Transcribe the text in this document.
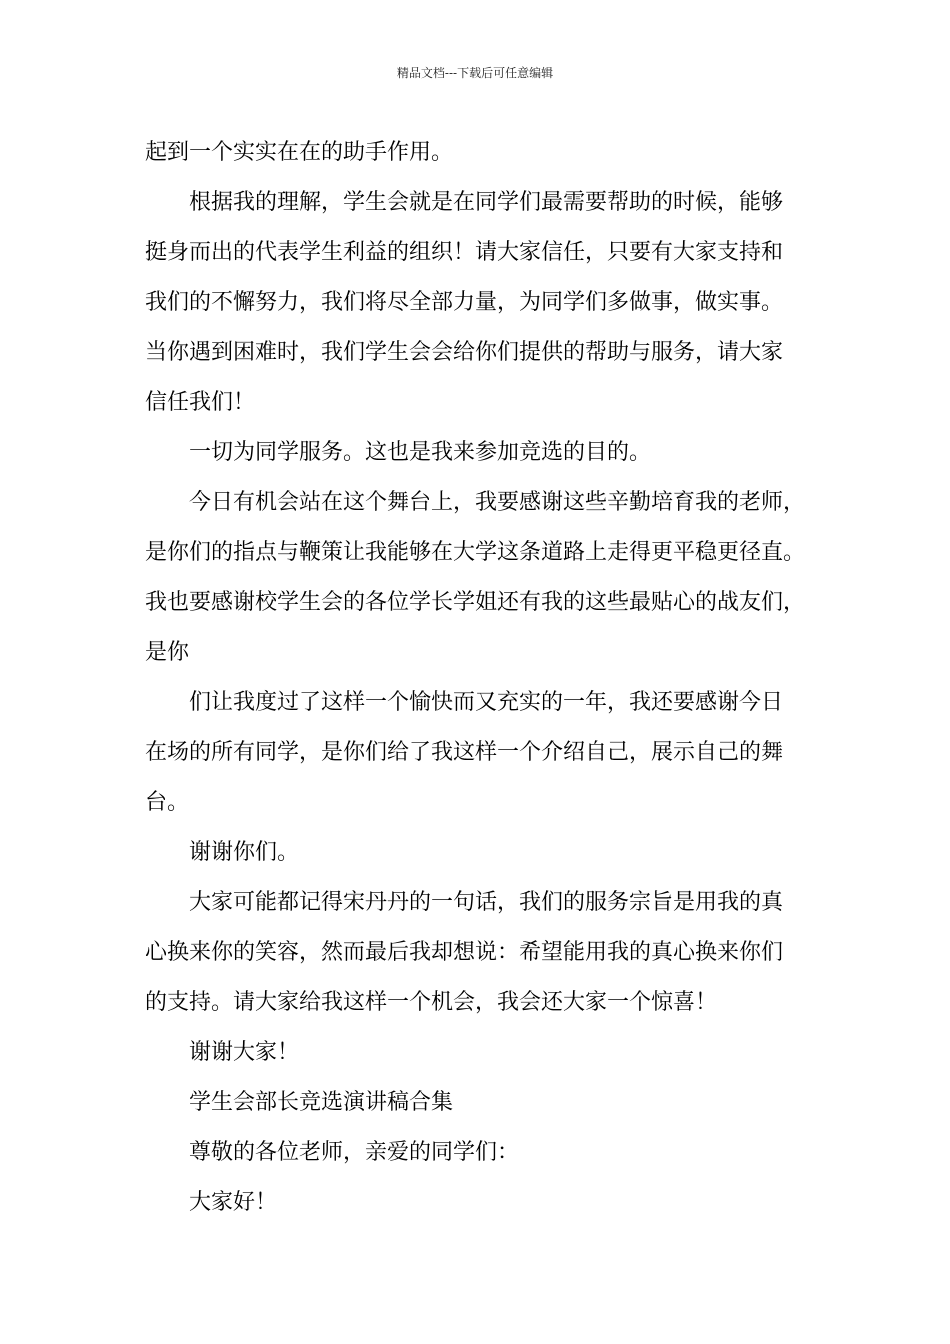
精品文档---下载后可任意编辑
起到一个实实在在的助手作用。
根据我的理解，学生会就是在同学们最需要帮助的时候，能够
挺身而出的代表学生利益的组织！请大家信任，只要有大家支持和
我们的不懈努力，我们将尽全部力量，为同学们多做事，做实事。
当你遇到困难时，我们学生会会给你们提供的帮助与服务，请大家
信任我们！
一切为同学服务。这也是我来参加竞选的目的。
今日有机会站在这个舞台上，我要感谢这些辛勤培育我的老师，
是你们的指点与鞭策让我能够在大学这条道路上走得更平稳更径直。
我也要感谢校学生会的各位学长学姐还有我的这些最贴心的战友们，
是你
们让我度过了这样一个愉快而又充实的一年，我还要感谢今日
在场的所有同学，是你们给了我这样一个介绍自己，展示自己的舞
台。
谢谢你们。
大家可能都记得宋丹丹的一句话，我们的服务宗旨是用我的真
心换来你的笑容，然而最后我却想说：希望能用我的真心换来你们
的支持。请大家给我这样一个机会，我会还大家一个惊喜！
谢谢大家！
学生会部长竞选演讲稿合集
尊敬的各位老师，亲爱的同学们：
大家好！
